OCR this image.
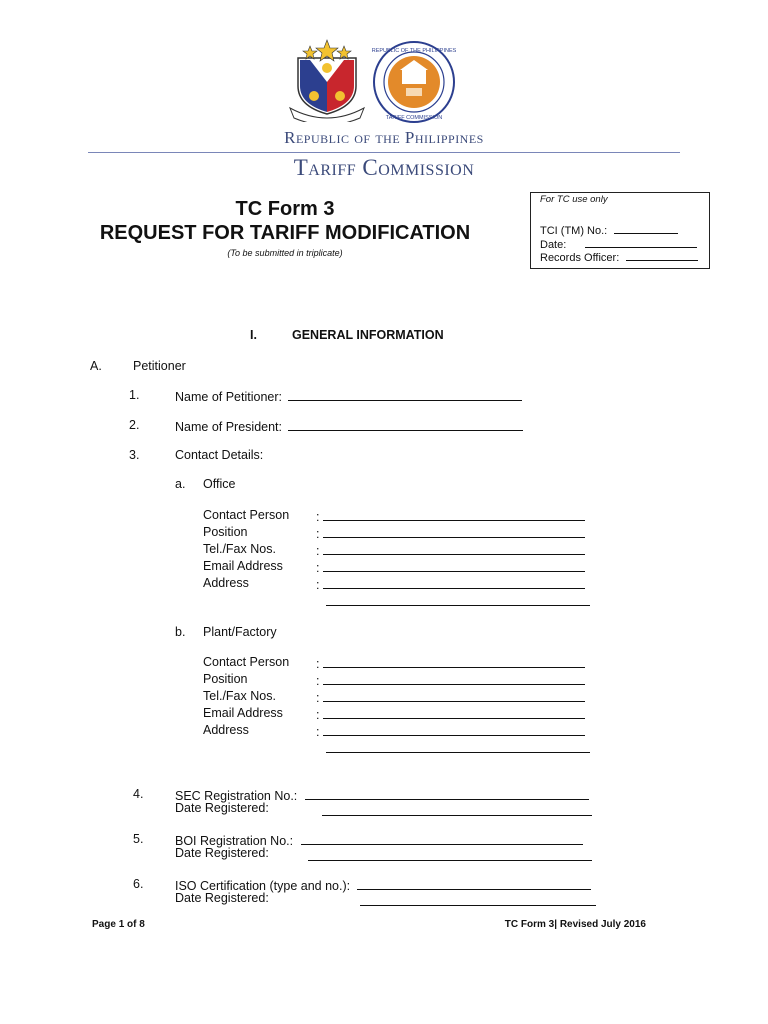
REPUBLIC OF THE PHILIPPINES
TARIFF COMMISSION
Republic of the Philippines
Tariff Commission
TC Form 3
REQUEST FOR TARIFF MODIFICATION
(To be submitted in triplicate)
For TC use only
TCI (TM) No.:
Date:
Records Officer:
I.	GENERAL INFORMATION
A. Petitioner
1.	Name of Petitioner:
2.	Name of President:
3.	Contact Details:
a. Office
Contact Person :
Position	:
Tel./Fax Nos.	:
Email Address	:
Address	:
b. Plant/Factory
Contact Person :
Position	:
Tel./Fax Nos.	:
Email Address	:
Address	:
4.	SEC Registration No.:
Date Registered:
5.	BOI Registration No.:
Date Registered:
6.	ISO Certification (type and no.):
Date Registered:
Page 1 of 8	TC Form 3| Revised July 2016
